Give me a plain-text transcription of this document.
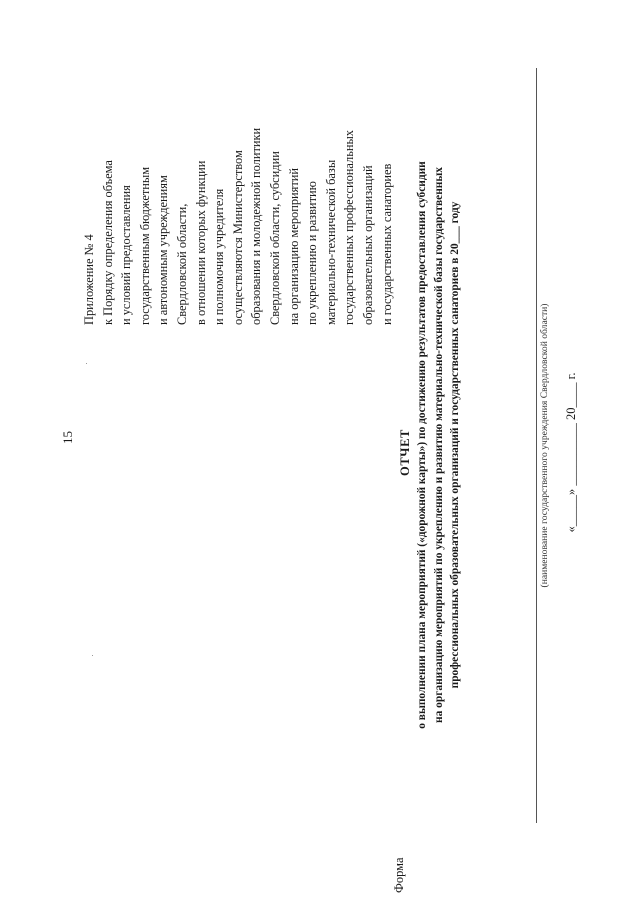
15
Приложение № 4 к Порядку определения объема и условий предоставления государственным бюджетным и автономным учреждениям Свердловской области, в отношении которых функции и полномочия учредителя осуществляются Министерством образования и молодежной политики Свердловской области, субсидии на организацию мероприятий по укреплению и развитию материально-технической базы государственных профессиональных образовательных организаций и государственных санаториев
Форма
ОТЧЕТ о выполнении плана мероприятий («дорожной карты») по достижению результатов предоставления субсидии на организацию мероприятий по укреплению и развитию материально-технической базы государственных профессиональных образовательных организаций и государственных санаториев в 20___ году	(наименование государственного учреждения Свердловской области) «_____» __________ 20____ г.
